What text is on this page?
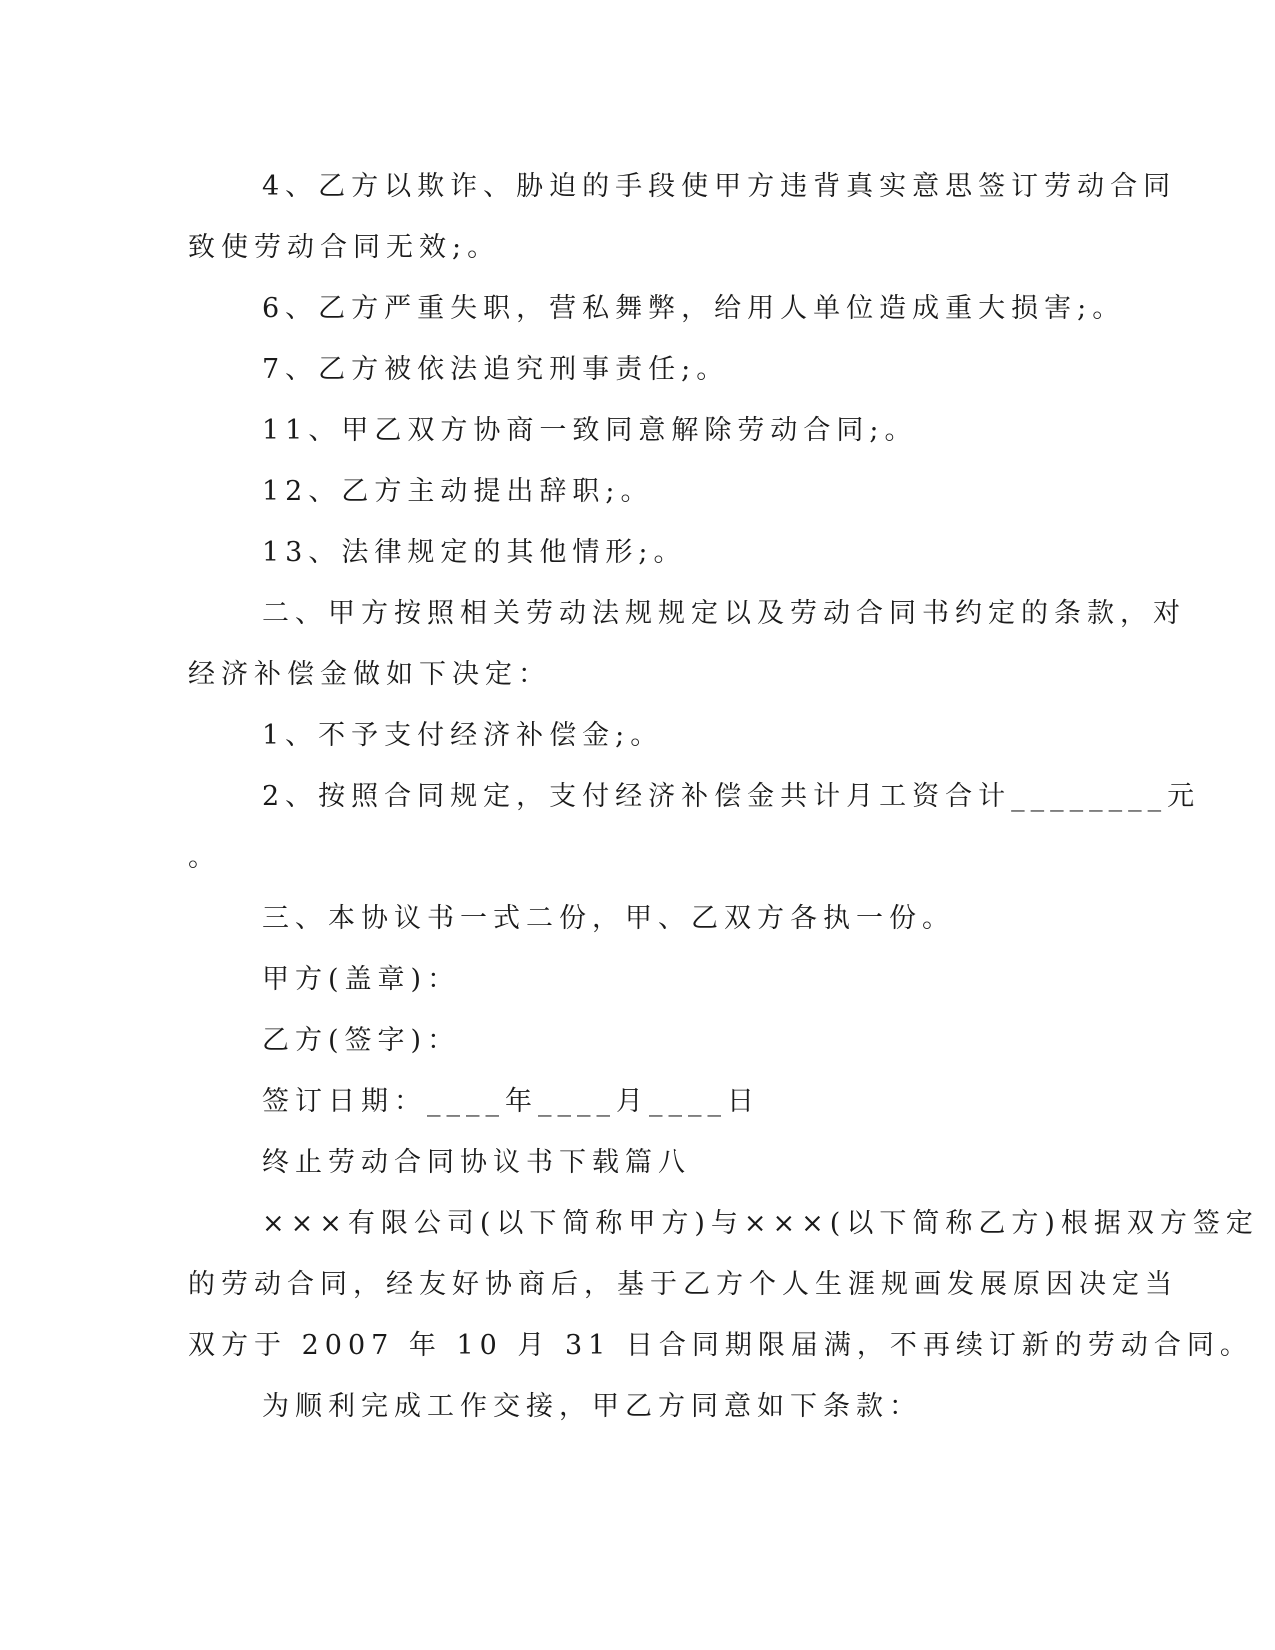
4、乙方以欺诈、胁迫的手段使甲方违背真实意思签订劳动合同

致使劳动合同无效;。

6、乙方严重失职，营私舞弊，给用人单位造成重大损害;。

7、乙方被依法追究刑事责任;。

11、甲乙双方协商一致同意解除劳动合同;。

12、乙方主动提出辞职;。

13、法律规定的其他情形;。

二、甲方按照相关劳动法规规定以及劳动合同书约定的条款，对

经济补偿金做如下决定：

1、不予支付经济补偿金;。

2、按照合同规定，支付经济补偿金共计月工资合计________元

。

三、本协议书一式二份，甲、乙双方各执一份。

甲方(盖章)：

乙方(签字)：

签订日期：____年____月____日

终止劳动合同协议书下载篇八

×××有限公司(以下简称甲方)与×××(以下简称乙方)根据双方签定

的劳动合同，经友好协商后，基于乙方个人生涯规画发展原因决定当

双方于 2007 年 10 月 31 日合同期限届满，不再续订新的劳动合同。

为顺利完成工作交接，甲乙方同意如下条款：
